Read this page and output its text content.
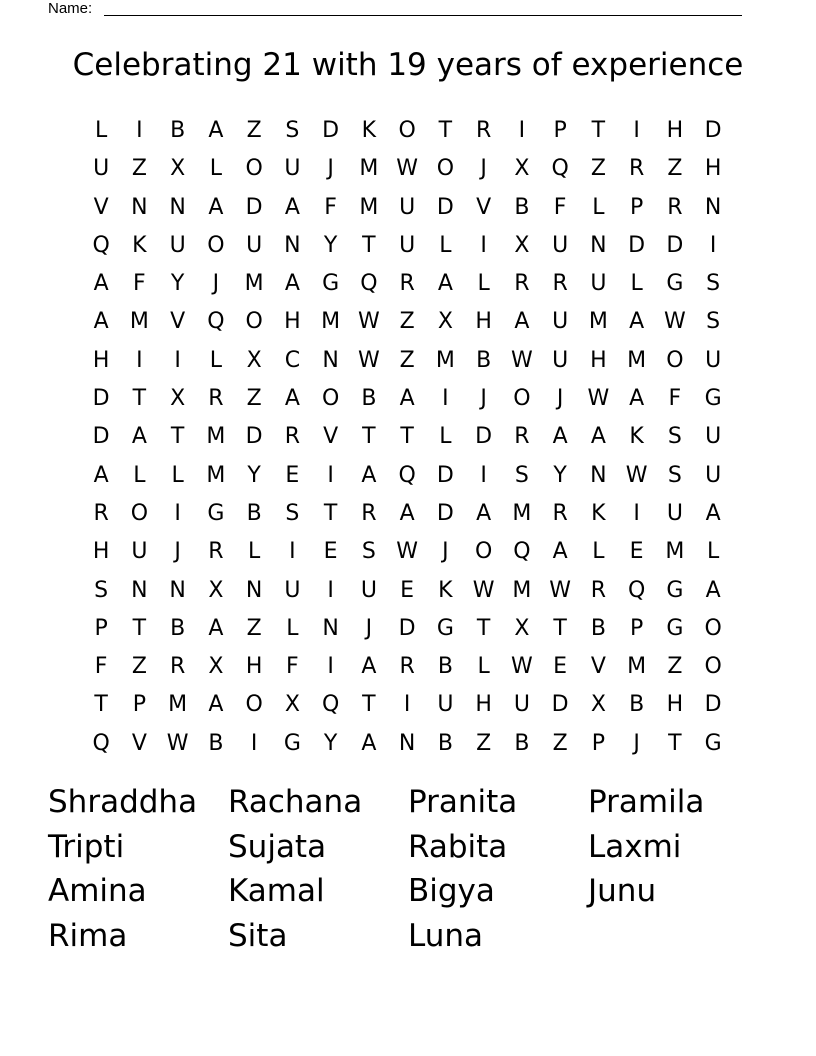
Name:
Celebrating 21 with 19 years of experience
L	I	B	A	Z	S	D	K	O	T	R	I	P	T	I	H D
U	Z	X	L	O U	J	M W O	J	X	Q	Z	R	Z	H
V	N N	A	D	A	F	M U D	V	B	F	L	P	R	N
Q	K	U O U N	Y	T	U	L	I	X	U N D D	I
A	F	Y	J	M A	G Q R	A	L	R	R	U	L	G	S
A M V	Q O H M W Z	X	H	A	U M A W S
H	I	I	L	X	C	N W Z M B W U H M O U
D	T	X	R	Z	A	O	B	A	I	J	O	J	W A	F	G
D	A	T	M D	R	V	T	T	L	D	R	A	A	K	S	U
A	L	L	M	Y	E	I	A	Q D	I	S	Y	N W S	U
R O	I	G	B	S	T	R	A	D	A M R	K	I	U	A
H U	J	R	L	I	E	S W	J	O Q	A	L	E M	L
S	N N	X	N U	I	U	E	K W M W R Q G	A
P	T	B	A	Z	L	N	J	D G	T	X	T	B	P	G O
F	Z	R	X	H	F	I	A	R	B	L W E	V M Z	O
T	P	M A	O	X	Q	T	I	U H U D	X	B	H D
Q	V W B	I	G	Y	A	N	B	Z	B	Z	P	J	T	G
Shraddha Rachana	Pranita	Pramila
Tripti	Sujata	Rabita	Laxmi
Amina	Kamal	Bigya	Junu
Rima	Sita	Luna
